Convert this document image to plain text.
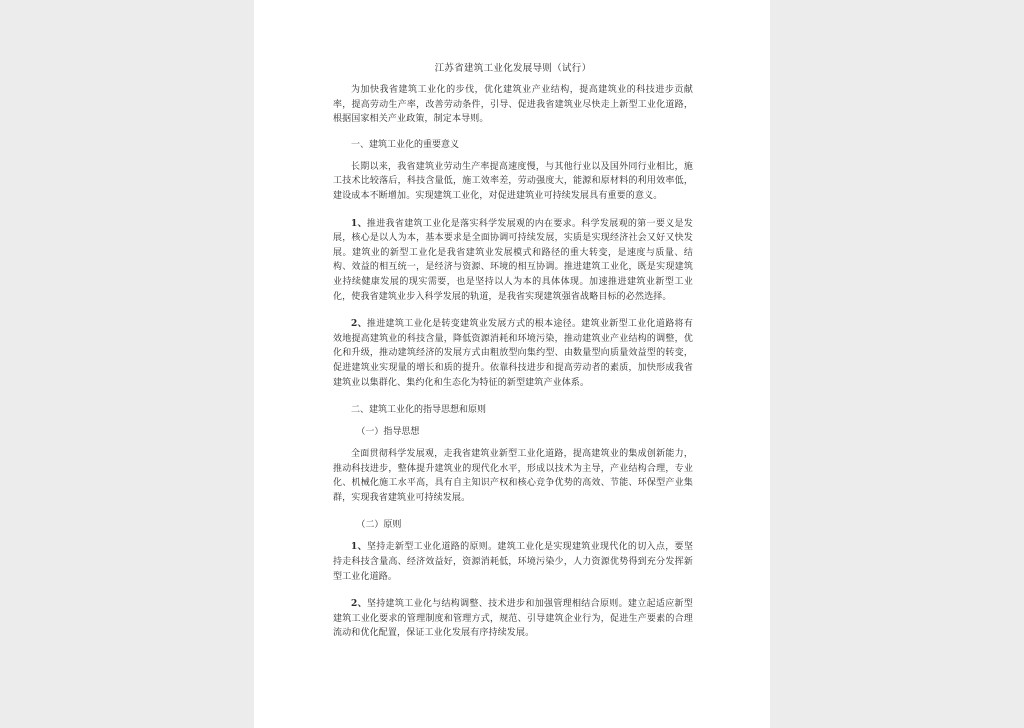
江苏省建筑工业化发展导则（试行）

为加快我省建筑工业化的步伐，优化建筑业产业结构，提高建筑业的科技进步贡献率，提高劳动生产率，改善劳动条件，引导、促进我省建筑业尽快走上新型工业化道路，根据国家相关产业政策，制定本导则。

一、建筑工业化的重要意义

长期以来，我省建筑业劳动生产率提高速度慢，与其他行业以及国外同行业相比，施工技术比较落后，科技含量低，施工效率差，劳动强度大，能源和原材料的利用效率低，建设成本不断增加。实现建筑工业化，对促进建筑业可持续发展具有重要的意义。

1、推进我省建筑工业化是落实科学发展观的内在要求。科学发展观的第一要义是发展，核心是以人为本，基本要求是全面协调可持续发展，实质是实现经济社会又好又快发展。建筑业的新型工业化是我省建筑业发展模式和路径的重大转变，是速度与质量、结构、效益的相互统一，是经济与资源、环境的相互协调。推进建筑工业化，既是实现建筑业持续健康发展的现实需要，也是坚持以人为本的具体体现。加速推进建筑业新型工业化，使我省建筑业步入科学发展的轨道，是我省实现建筑强省战略目标的必然选择。

2、推进建筑工业化是转变建筑业发展方式的根本途径。建筑业新型工业化道路将有效地提高建筑业的科技含量，降低资源消耗和环境污染，推动建筑业产业结构的调整，优化和升级，推动建筑经济的发展方式由粗放型向集约型、由数量型向质量效益型的转变，促进建筑业实现量的增长和质的提升。依靠科技进步和提高劳动者的素质，加快形成我省建筑业以集群化、集约化和生态化为特征的新型建筑产业体系。

二、建筑工业化的指导思想和原则
（一）指导思想

全面贯彻科学发展观，走我省建筑业新型工业化道路，提高建筑业的集成创新能力，推动科技进步，整体提升建筑业的现代化水平，形成以技术为主导，产业结构合理，专业化、机械化施工水平高，具有自主知识产权和核心竞争优势的高效、节能、环保型产业集群，实现我省建筑业可持续发展。

（二）原则

1、坚持走新型工业化道路的原则。建筑工业化是实现建筑业现代化的切入点，要坚持走科技含量高、经济效益好，资源消耗低，环境污染少，人力资源优势得到充分发挥新型工业化道路。

2、坚持建筑工业化与结构调整、技术进步和加强管理相结合原则。建立起适应新型建筑工业化要求的管理制度和管理方式，规范、引导建筑企业行为，促进生产要素的合理流动和优化配置，保证工业化发展有序持续发展。
